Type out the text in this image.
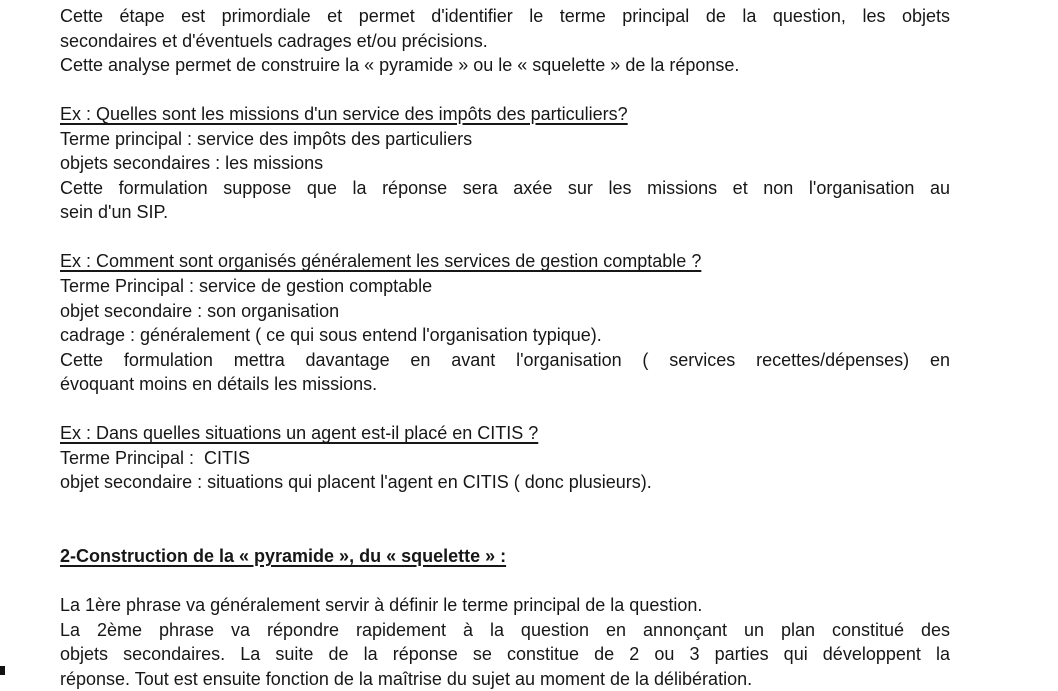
Cette étape est primordiale et permet d'identifier le terme principal de la question, les objets
secondaires et d'éventuels cadrages et/ou précisions.
Cette analyse permet de construire la « pyramide » ou le « squelette » de la réponse.
Ex : Quelles sont les missions d'un service des impôts des particuliers?
Terme principal : service des impôts des particuliers
objets secondaires : les missions
Cette formulation suppose que la réponse sera axée sur les missions et non l'organisation au
sein d'un SIP.
Ex : Comment sont organisés généralement les services de gestion comptable ?
Terme Principal : service de gestion comptable
objet secondaire : son organisation
cadrage : généralement ( ce qui sous entend l'organisation typique).
Cette formulation mettra davantage en avant l'organisation ( services recettes/dépenses) en
évoquant moins en détails les missions.
Ex : Dans quelles situations un agent est-il placé en CITIS ?
Terme Principal :  CITIS
objet secondaire : situations qui placent l'agent en CITIS ( donc plusieurs).
2-Construction de la « pyramide », du « squelette » :
La 1ère phrase va généralement servir à définir le terme principal de la question.
La 2ème phrase va répondre rapidement à la question en annonçant un plan constitué des
objets secondaires. La suite de la réponse se constitue de 2 ou 3 parties qui développent la
réponse. Tout est ensuite fonction de la maîtrise du sujet au moment de la délibération.
